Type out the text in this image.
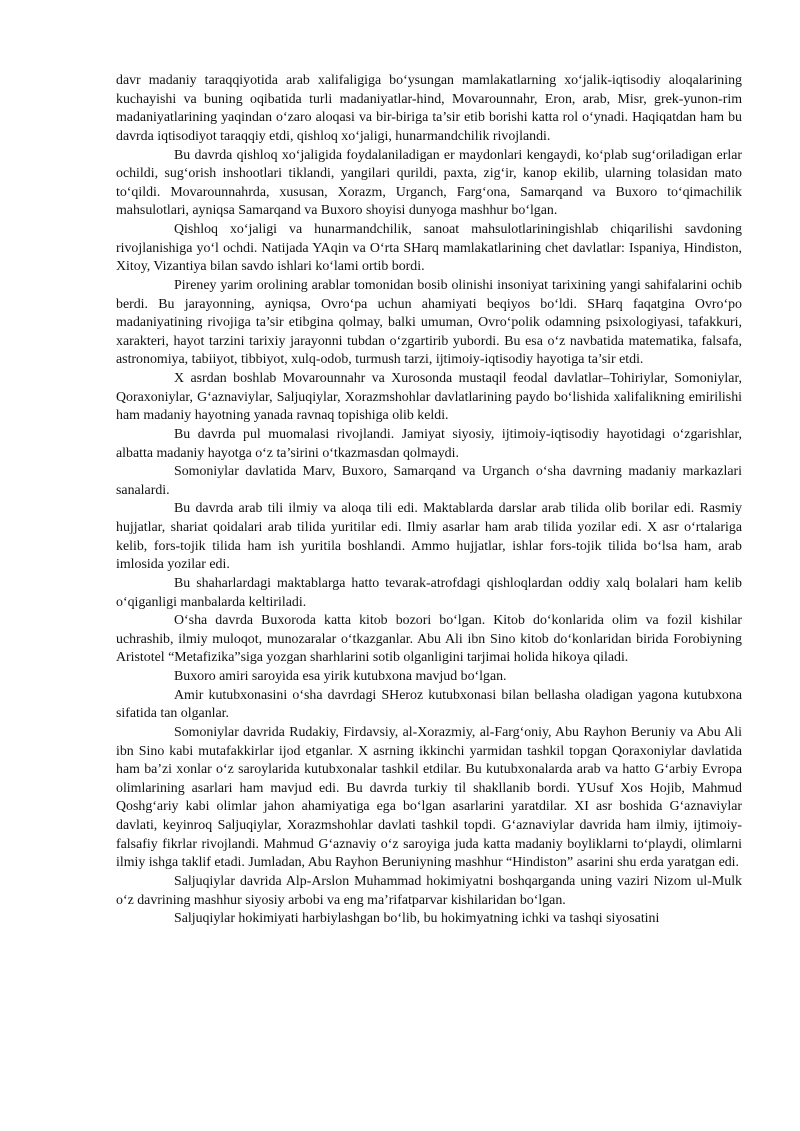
davr madaniy taraqqiyotida arab xalifaligiga bo‘ysungan mamlakatlarning xo‘jalik-iqtisodiy aloqalarining kuchayishi va buning oqibatida turli madaniyatlar-hind, Movarounnahr, Eron, arab, Misr, grek-yunon-rim madaniyatlarining yaqindan o‘zaro aloqasi va bir-biriga ta’sir etib borishi katta rol o‘ynadi. Haqiqatdan ham bu davrda iqtisodiyot taraqqiy etdi, qishloq xo‘jaligi, hunarmandchilik rivojlandi.

Bu davrda qishloq xo‘jaligida foydalaniladigan er maydonlari kengaydi, ko‘plab sug‘oriladigan erlar ochildi, sug‘orish inshootlari tiklandi, yangilari qurildi, paxta, zig‘ir, kanop ekilib, ularning tolasidan mato to‘qildi. Movarounnahrda, xususan, Xorazm, Urganch, Farg‘ona, Samarqand va Buxoro to‘qimachilik mahsulotlari, ayniqsa Samarqand va Buxoro shoyisi dunyoga mashhur bo‘lgan.

Qishloq xo‘jaligi va hunarmandchilik, sanoat mahsulotlariningishlab chiqarilishi savdoning rivojlanishiga yo‘l ochdi. Natijada YAqin va O‘rta SHarq mamlakatlarining chet davlatlar: Ispaniya, Hindiston, Xitoy, Vizantiya bilan savdo ishlari ko‘lami ortib bordi.

Pireney yarim orolining arablar tomonidan bosib olinishi insoniyat tarixining yangi sahifalarini ochib berdi. Bu jarayonning, ayniqsa, Ovro‘pa uchun ahamiyati beqiyos bo‘ldi. SHarq faqatgina Ovro‘po madaniyatining rivojiga ta’sir etibgina qolmay, balki umuman, Ovro‘polik odamning psixologiyasi, tafakkuri, xarakteri, hayot tarzini tarixiy jarayonni tubdan o‘zgartirib yubordi. Bu esa o‘z navbatida matematika, falsafa, astronomiya, tabiiyot, tibbiyot, xulq-odob, turmush tarzi, ijtimoiy-iqtisodiy hayotiga ta’sir etdi.

X asrdan boshlab Movarounnahr va Xurosonda mustaqil feodal davlatlar–Tohiriylar, Somoniylar, Qoraxoniylar, G‘aznaviylar, Saljuqiylar, Xorazmshohlar davlatlarining paydo bo‘lishida xalifalikning emirilishi ham madaniy hayotning yanada ravnaq topishiga olib keldi.

Bu davrda pul muomalasi rivojlandi. Jamiyat siyosiy, ijtimoiy-iqtisodiy hayotidagi o‘zgarishlar, albatta madaniy hayotga o‘z ta’sirini o‘tkazmasdan qolmaydi.

Somoniylar davlatida Marv, Buxoro, Samarqand va Urganch o‘sha davrning madaniy markazlari sanalardi.

Bu davrda arab tili ilmiy va aloqa tili edi. Maktablarda darslar arab tilida olib borilar edi. Rasmiy hujjatlar, shariat qoidalari arab tilida yuritilar edi. Ilmiy asarlar ham arab tilida yozilar edi. X asr o‘rtalariga kelib, fors-tojik tilida ham ish yuritila boshlandi. Ammo hujjatlar, ishlar fors-tojik tilida bo‘lsa ham, arab imlosida yozilar edi.

Bu shaharlardagi maktablarga hatto tevarak-atrofdagi qishloqlardan oddiy xalq bolalari ham kelib o‘qiganligi manbalarda keltiriladi.

O‘sha davrda Buxoroda katta kitob bozori bo‘lgan. Kitob do‘konlarida olim va fozil kishilar uchrashib, ilmiy muloqot, munozaralar o‘tkazganlar. Abu Ali ibn Sino kitob do‘konlaridan birida Forobiyning Aristotel “Metafizika”siga yozgan sharhlarini sotib olganligini tarjimai holida hikoya qiladi.

Buxoro amiri saroyida esa yirik kutubxona mavjud bo‘lgan.

Amir kutubxonasini o‘sha davrdagi SHeroz kutubxonasi bilan bellasha oladigan yagona kutubxona sifatida tan olganlar.

Somoniylar davrida Rudakiy, Firdavsiy, al-Xorazmiy, al-Farg‘oniy, Abu Rayhon Beruniy va Abu Ali ibn Sino kabi mutafakkirlar ijod etganlar. X asrning ikkinchi yarmidan tashkil topgan Qoraxoniylar davlatida ham ba’zi xonlar o‘z saroylarida kutubxonalar tashkil etdilar. Bu kutubxonalarda arab va hatto G‘arbiy Evropa olimlarining asarlari ham mavjud edi. Bu davrda turkiy til shakllanib bordi. YUsuf Xos Hojib, Mahmud Qoshg‘ariy kabi olimlar jahon ahamiyatiga ega bo‘lgan asarlarini yaratdilar. XI asr boshida G‘aznaviylar davlati, keyinroq Saljuqiylar, Xorazmshohlar davlati tashkil topdi. G‘aznaviylar davrida ham ilmiy, ijtimoiy-falsafiy fikrlar rivojlandi. Mahmud G‘aznaviy o‘z saroyiga juda katta madaniy boyliklarni to‘playdi, olimlarni ilmiy ishga taklif etadi. Jumladan, Abu Rayhon Beruniyning mashhur “Hindiston” asarini shu erda yaratgan edi.

Saljuqiylar davrida Alp-Arslon Muhammad hokimiyatni boshqarganda uning vaziri Nizom ul-Mulk o‘z davrining mashhur siyosiy arbobi va eng ma’rifatparvar kishilaridan bo‘lgan.

Saljuqiylar hokimiyati harbiylashgan bo‘lib, bu hokimyatning ichki va tashqi siyosatini
